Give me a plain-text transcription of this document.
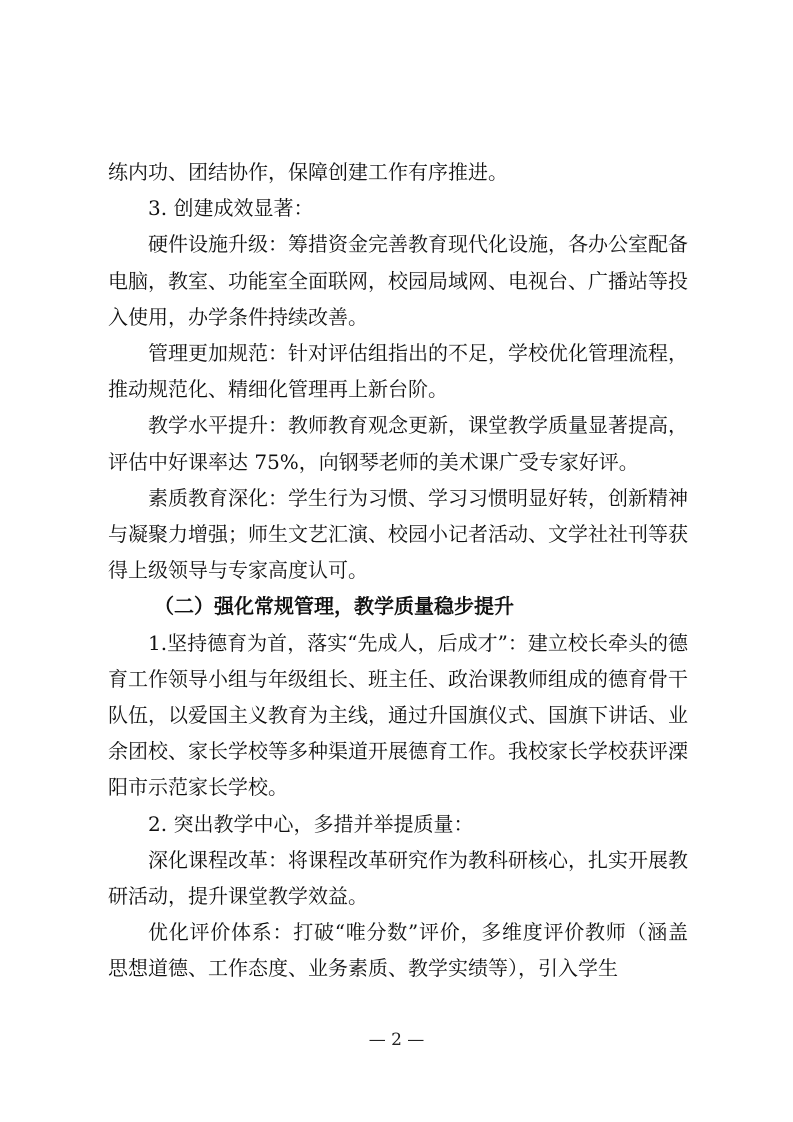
练内功、团结协作，保障创建工作有序推进。

3. 创建成效显著：

硬件设施升级：筹措资金完善教育现代化设施，各办公室配备电脑，教室、功能室全面联网，校园局域网、电视台、广播站等投入使用，办学条件持续改善。

管理更加规范：针对评估组指出的不足，学校优化管理流程，推动规范化、精细化管理再上新台阶。

教学水平提升：教师教育观念更新，课堂教学质量显著提高，评估中好课率达 75%，向钢琴老师的美术课广受专家好评。

素质教育深化：学生行为习惯、学习习惯明显好转，创新精神与凝聚力增强；师生文艺汇演、校园小记者活动、文学社社刊等获得上级领导与专家高度认可。

（二）强化常规管理，教学质量稳步提升

1.坚持德育为首，落实“先成人，后成才”：建立校长牵头的德育工作领导小组与年级组长、班主任、政治课教师组成的德育骨干队伍，以爱国主义教育为主线，通过升国旗仪式、国旗下讲话、业余团校、家长学校等多种渠道开展德育工作。我校家长学校获评溧阳市示范家长学校。

2. 突出教学中心，多措并举提质量：

深化课程改革：将课程改革研究作为教科研核心，扎实开展教研活动，提升课堂教学效益。

优化评价体系：打破“唯分数”评价，多维度评价教师（涵盖思想道德、工作态度、业务素质、教学实绩等），引入学生

— 2 —
